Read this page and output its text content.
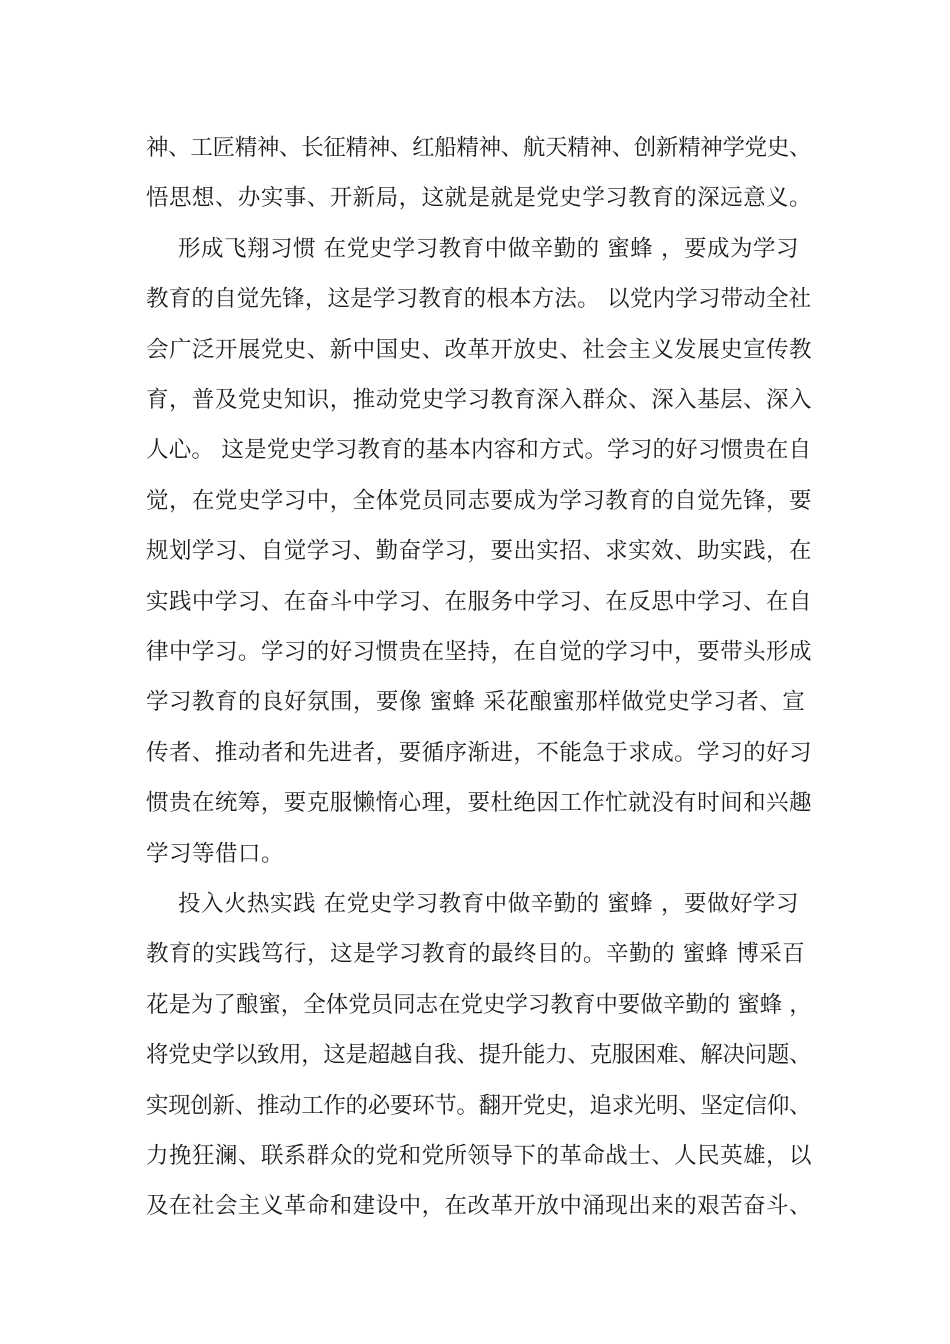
神、工匠精神、长征精神、红船精神、航天精神、创新精神学党史、
悟思想、办实事、开新局，这就是就是党史学习教育的深远意义。
形成飞翔习惯 在党史学习教育中做辛勤的 蜜蜂 ，要成为学习
教育的自觉先锋，这是学习教育的根本方法。 以党内学习带动全社
会广泛开展党史、新中国史、改革开放史、社会主义发展史宣传教
育，普及党史知识，推动党史学习教育深入群众、深入基层、深入
人心。 这是党史学习教育的基本内容和方式。学习的好习惯贵在自
觉，在党史学习中，全体党员同志要成为学习教育的自觉先锋，要
规划学习、自觉学习、勤奋学习，要出实招、求实效、助实践，在
实践中学习、在奋斗中学习、在服务中学习、在反思中学习、在自
律中学习。学习的好习惯贵在坚持，在自觉的学习中，要带头形成
学习教育的良好氛围，要像 蜜蜂 采花酿蜜那样做党史学习者、宣
传者、推动者和先进者，要循序渐进，不能急于求成。学习的好习
惯贵在统筹，要克服懒惰心理，要杜绝因工作忙就没有时间和兴趣
学习等借口。
投入火热实践 在党史学习教育中做辛勤的 蜜蜂 ，要做好学习
教育的实践笃行，这是学习教育的最终目的。辛勤的 蜜蜂 博采百
花是为了酿蜜，全体党员同志在党史学习教育中要做辛勤的 蜜蜂 ，
将党史学以致用，这是超越自我、提升能力、克服困难、解决问题、
实现创新、推动工作的必要环节。翻开党史，追求光明、坚定信仰、
力挽狂澜、联系群众的党和党所领导下的革命战士、人民英雄，以
及在社会主义革命和建设中，在改革开放中涌现出来的艰苦奋斗、
